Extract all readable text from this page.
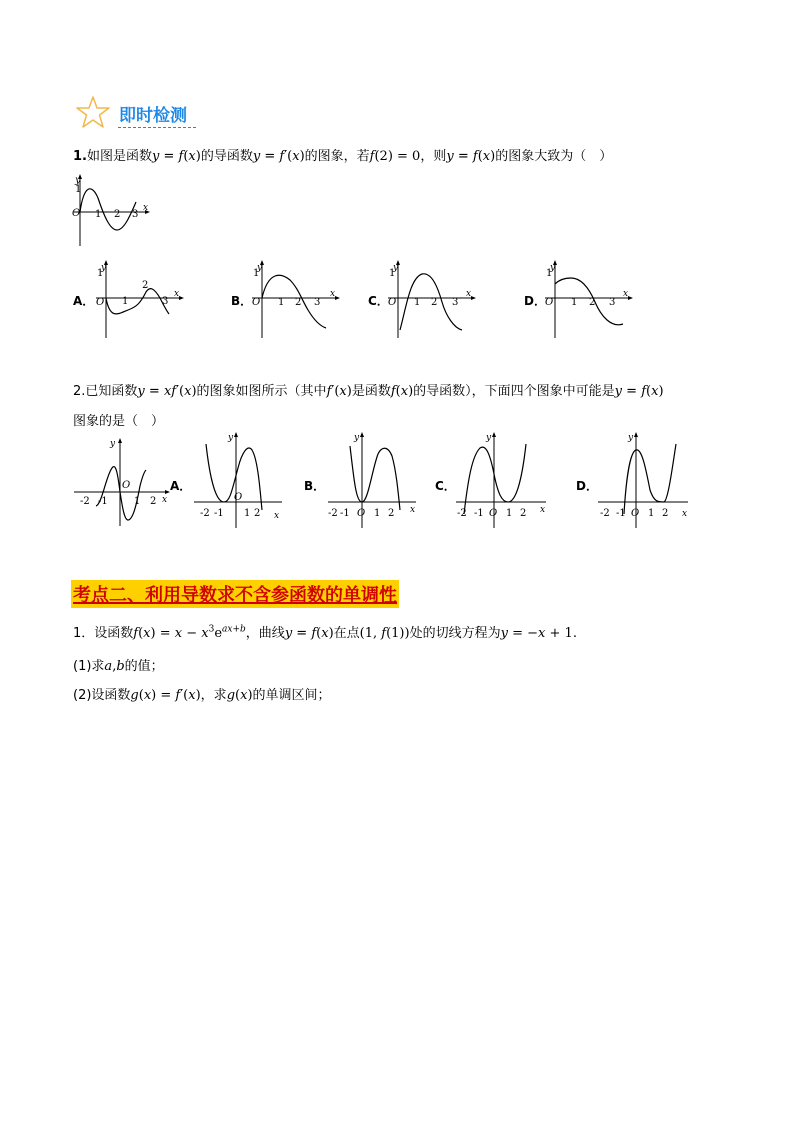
即时检测
1.如图是函数y = f(x)的导函数y = f′(x)的图象，若f(2) = 0，则y = f(x)的图象大致为（　）
y
1
O 1 2 3
x
A．
y
1
O 1
2
3
x	B．
y
1
O 1 2 3
x	C．
y
1
O 1 2 3
x	D．
y
1
O 1 2 3
x
2.已知函数y = xf′(x)的图象如图所示（其中f′(x)是函数f(x)的导函数），下面四个图象中可能是y = f(x)
图象的是（　）
y
-2 -1
O
1 2 x
A．
y
O
-2 -1 1 2 x
B．
y
-2 -1 O 1 2 x
C．
y
-2 -1 O 1 2 x
D．
y
-2 -1 O 1 2 x
考点二、利用导数求不含参函数的单调性
1．设函数$f(x) = x - x^3e^{ax+b}$，曲线y = f(x)在点(1, f(1))处的切线方程为y = −x + 1.
(1)求a,b的值；
(2)设函数g(x) = f′(x)，求g(x)的单调区间；
